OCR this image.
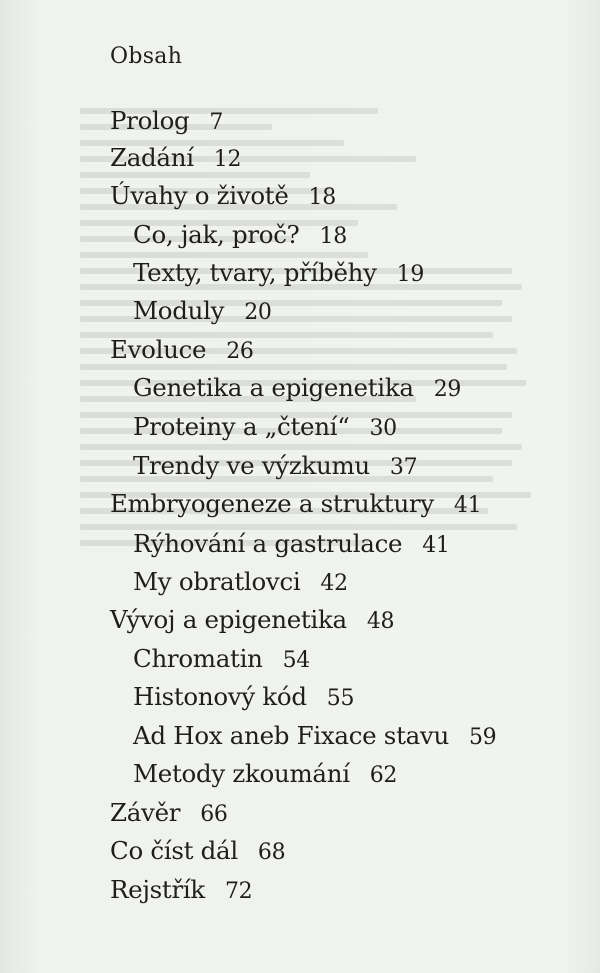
Obsah
Prolog 7
Zadání 12
Úvahy o životě 18
Co, jak, proč? 18
Texty, tvary, příběhy 19
Moduly 20
Evoluce 26
Genetika a epigenetika 29
Proteiny a „čtení“ 30
Trendy ve výzkumu 37
Embryogeneze a struktury 41
Rýhování a gastrulace 41
My obratlovci 42
Vývoj a epigenetika 48
Chromatin 54
Histonový kód 55
Ad Hox aneb Fixace stavu 59
Metody zkoumání 62
Závěr 66
Co číst dál 68
Rejstřík 72
